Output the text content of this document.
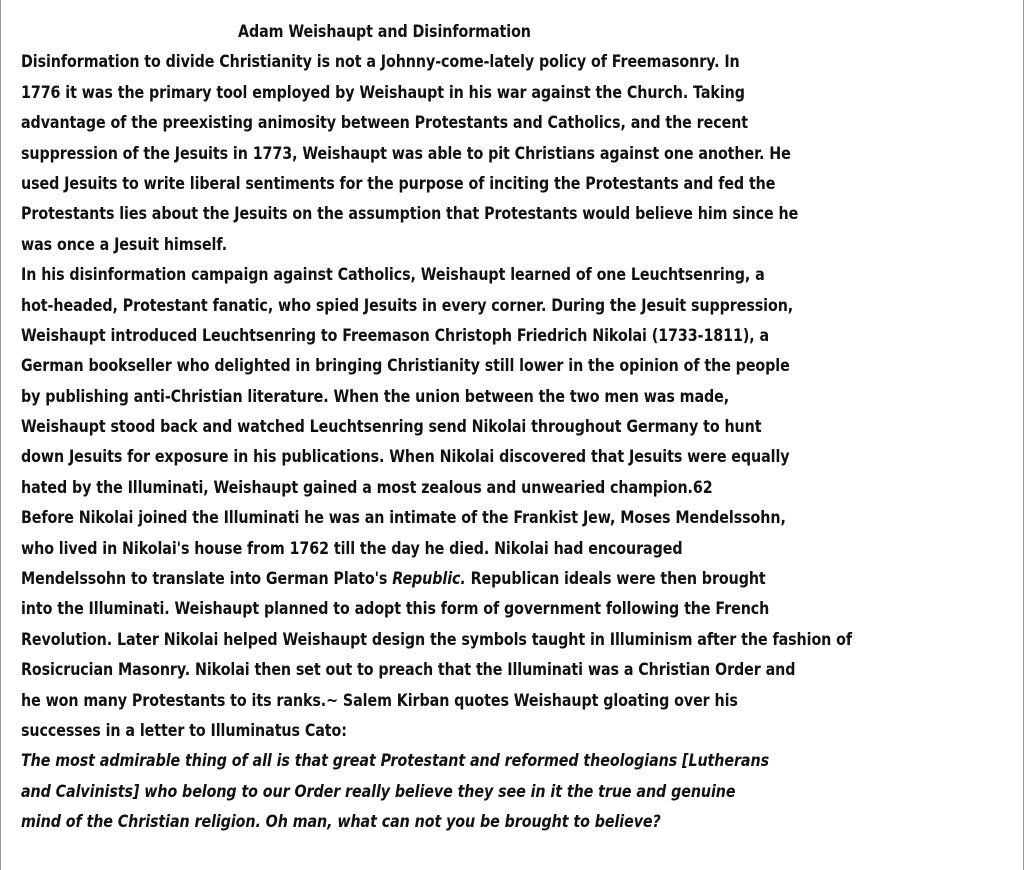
Adam Weishaupt and Disinformation
Disinformation to divide Christianity is not a Johnny-come-lately policy of Freemasonry. In
1776 it was the primary tool employed by Weishaupt in his war against the Church. Taking
advantage of the preexisting animosity between Protestants and Catholics, and the recent
suppression of the Jesuits in 1773, Weishaupt was able to pit Christians against one another. He
used Jesuits to write liberal sentiments for the purpose of inciting the Protestants and fed the
Protestants lies about the Jesuits on the assumption that Protestants would believe him since he
was once a Jesuit himself.
In his disinformation campaign against Catholics, Weishaupt learned of one Leuchtsenring, a
hot-headed, Protestant fanatic, who spied Jesuits in every corner. During the Jesuit suppression,
Weishaupt introduced Leuchtsenring to Freemason Christoph Friedrich Nikolai (1733-1811), a
German bookseller who delighted in bringing Christianity still lower in the opinion of the people
by publishing anti-Christian literature. When the union between the two men was made,
Weishaupt stood back and watched Leuchtsenring send Nikolai throughout Germany to hunt
down Jesuits for exposure in his publications. When Nikolai discovered that Jesuits were equally
hated by the Illuminati, Weishaupt gained a most zealous and unwearied champion.62
Before Nikolai joined the Illuminati he was an intimate of the Frankist Jew, Moses Mendelssohn,
who lived in Nikolai's house from 1762 till the day he died. Nikolai had encouraged
Mendelssohn to translate into German Plato's Republic. Republican ideals were then brought
into the Illuminati. Weishaupt planned to adopt this form of government following the French
Revolution. Later Nikolai helped Weishaupt design the symbols taught in Illuminism after the fashion of
Rosicrucian Masonry. Nikolai then set out to preach that the Illuminati was a Christian Order and
he won many Protestants to its ranks.~ Salem Kirban quotes Weishaupt gloating over his
successes in a letter to Illuminatus Cato:
The most admirable thing of all is that great Protestant and reformed theologians [Lutherans
and Calvinists] who belong to our Order really believe they see in it the true and genuine
mind of the Christian religion. Oh man, what can not you be brought to believe?
